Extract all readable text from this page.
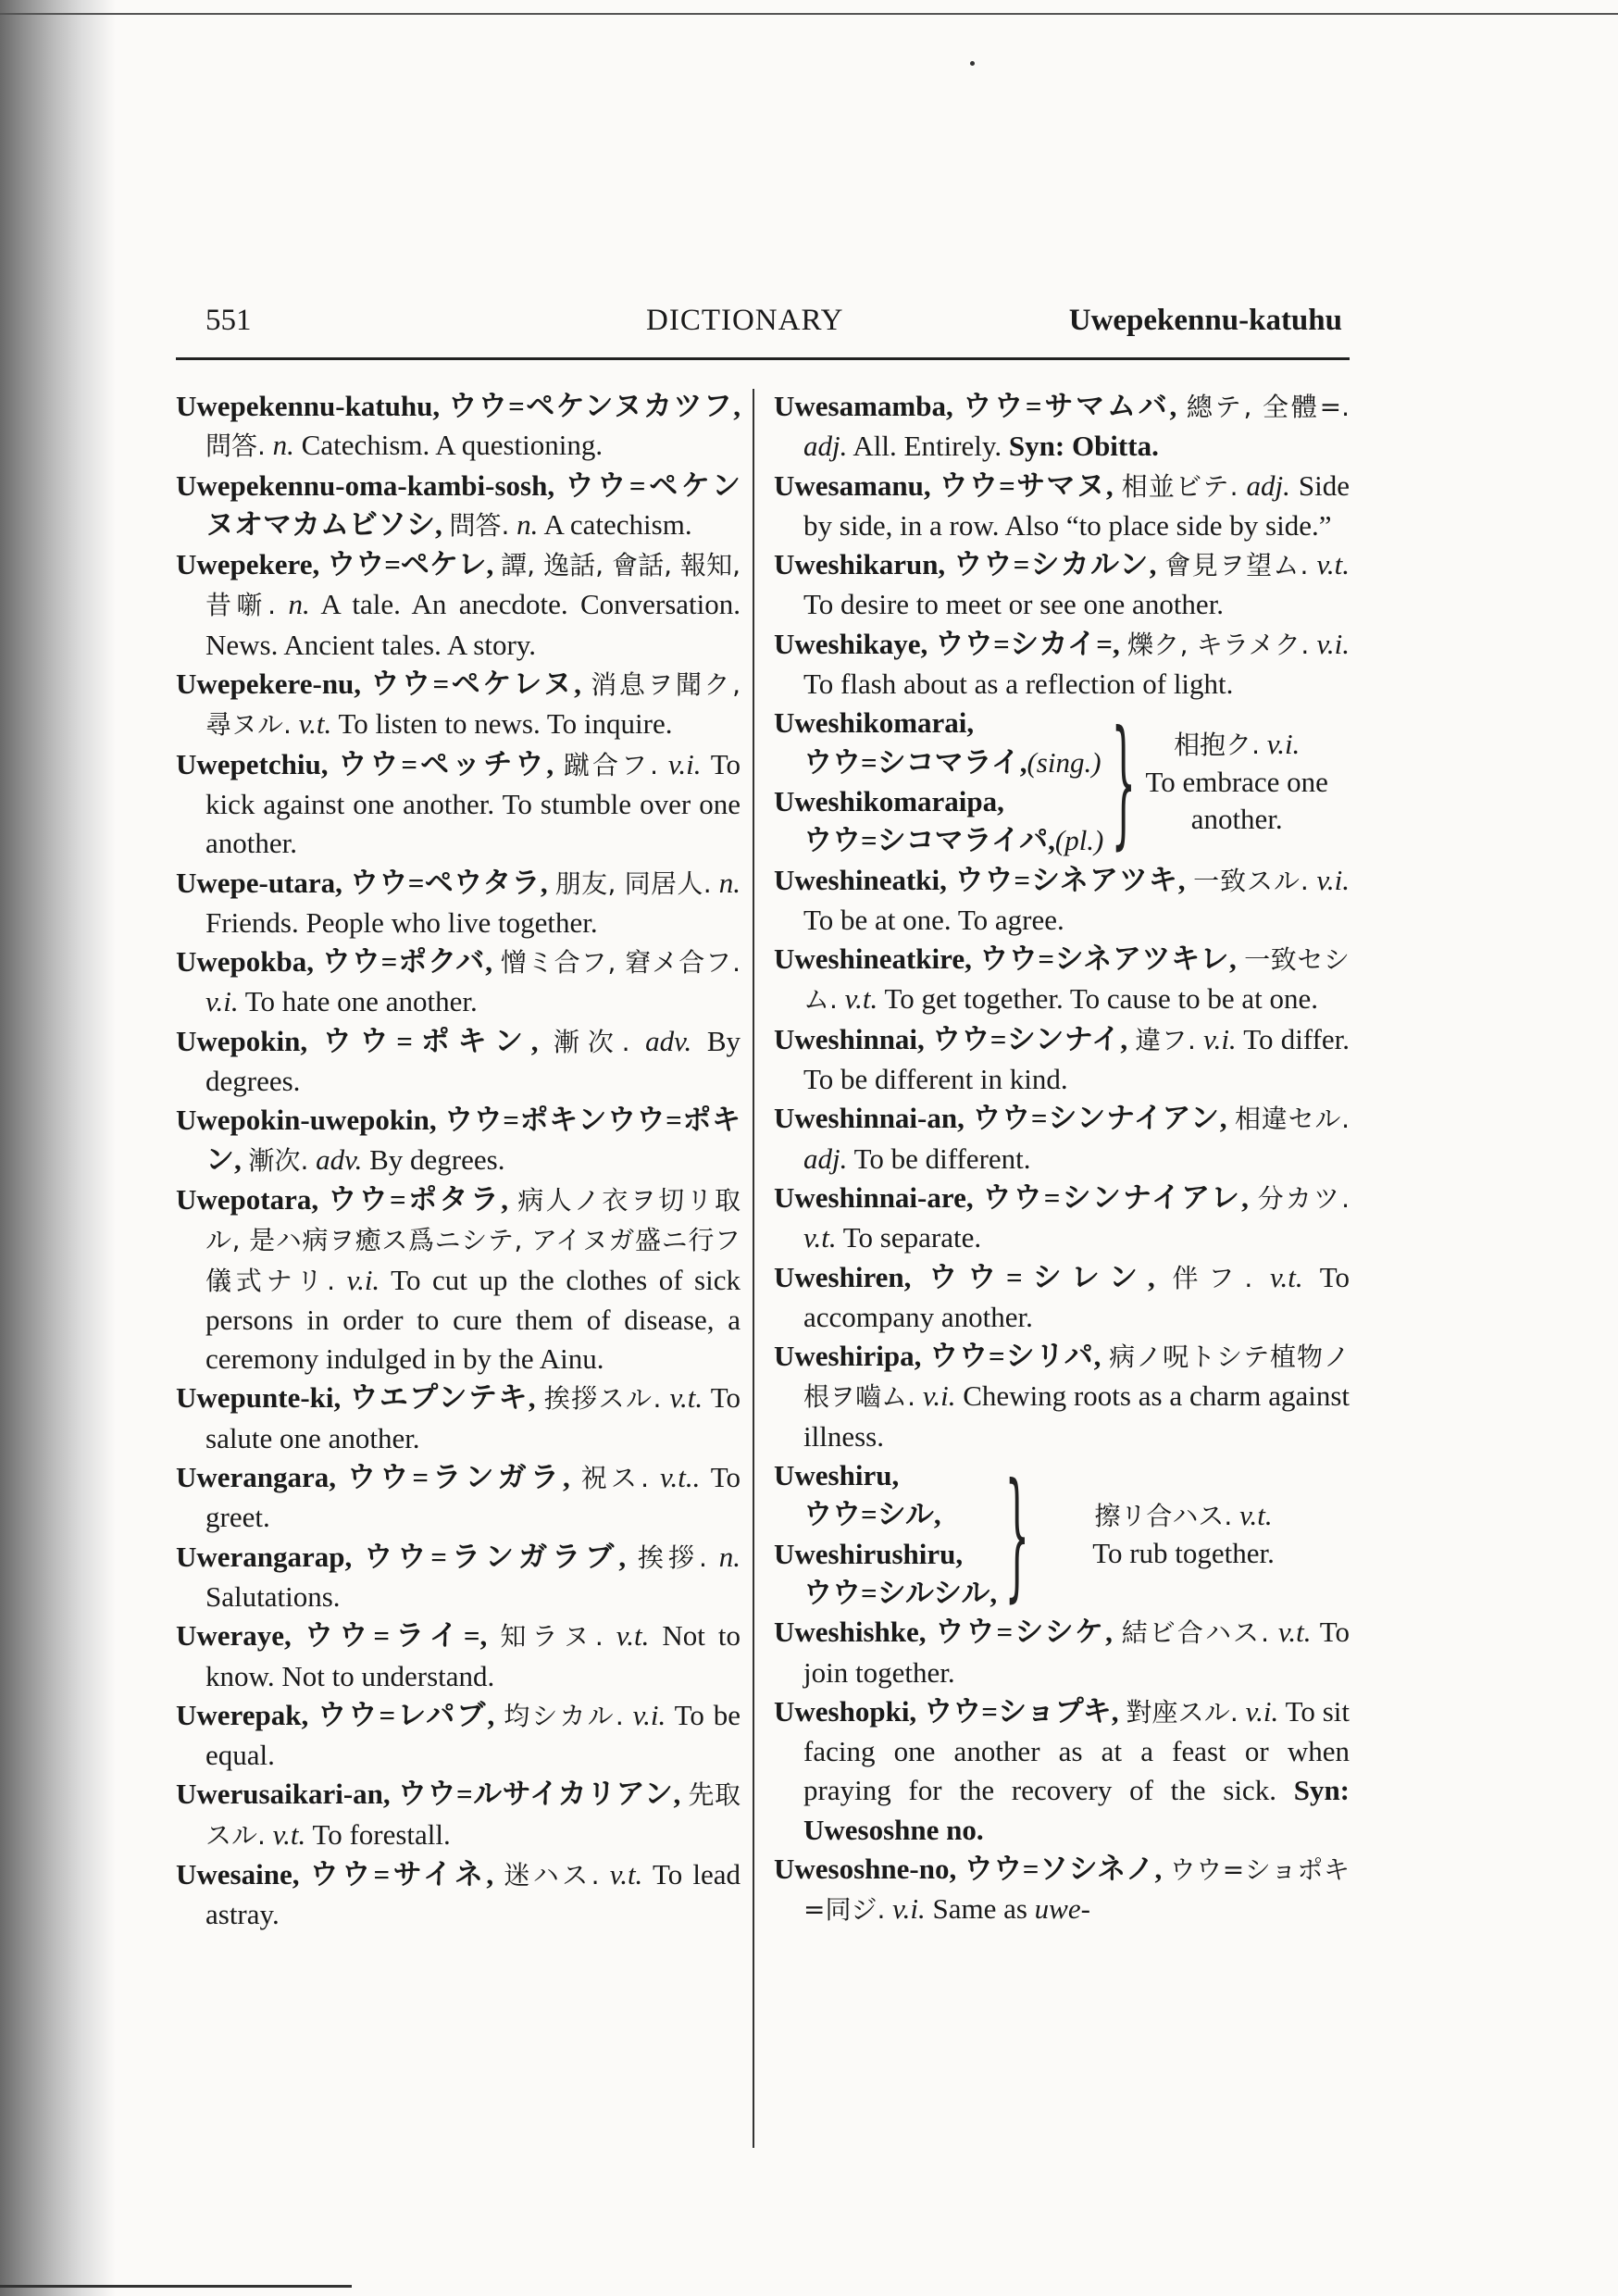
551	DICTIONARY	Uwepekennu-katuhu

Uwepekennu-katuhu, ウウ=ペケンヌカツフ, 問答. n. Catechism. A questioning.

Uwepekennu-oma-kambi-sosh, ウウ=ペケンヌオマカムビソシ, 問答. n. A catechism.

Uwepekere, ウウ=ペケレ, 譚, 逸話, 會話, 報知, 昔噺. n. A tale. An anecdote. Conversation. News. Ancient tales. A story.

Uwepekere-nu, ウウ=ペケレヌ, 消息ヲ聞ク, 尋ヌル. v.t. To listen to news. To inquire.

Uwepetchiu, ウウ=ペッチウ, 蹴合フ. v.i. To kick against one another. To stumble over one another.

Uwepe-utara, ウウ=ペウタラ, 朋友, 同居人. n. Friends. People who live together.

Uwepokba, ウウ=ポクバ, 憎ミ合フ, 窘メ合フ. v.i. To hate one another.

Uwepokin, ウウ=ポキン, 漸次. adv. By degrees.

Uwepokin-uwepokin, ウウ=ポキンウウ=ポキン, 漸次. adv. By degrees.

Uwepotara, ウウ=ポタラ, 病人ノ衣ヲ切リ取ル, 是ハ病ヲ癒ス爲ニシテ, アイヌガ盛ニ行フ儀式ナリ. v.i. To cut up the clothes of sick persons in order to cure them of disease, a ceremony indulged in by the Ainu.

Uwepunte-ki, ウエプンテキ, 挨拶スル. v.t. To salute one another.

Uwerangara, ウウ=ランガラ, 祝ス. v.t.. To greet.

Uwerangarap, ウウ=ランガラブ, 挨拶. n. Salutations.

Uweraye, ウウ=ライ=, 知ラヌ. v.t. Not to know. Not to understand.

Uwerepak, ウウ=レパブ, 均シカル. v.i. To be equal.

Uwerusaikari-an, ウウ=ルサイカリアン, 先取スル. v.t. To forestall.

Uwesaine, ウウ=サイネ, 迷ハス. v.t. To lead astray.

Uwesamamba, ウウ=サマムバ, 總テ, 全體=. adj. All. Entirely. Syn: Obitta.

Uwesamanu, ウウ=サマヌ, 相並ビテ. adj. Side by side, in a row. Also “to place side by side.”

Uweshikarun, ウウ=シカルン, 會見ヲ望ム. v.t. To desire to meet or see one another.

Uweshikaye, ウウ=シカイ=, 爍ク, キラメク. v.i. To flash about as a reflection of light.

Uweshikomarai,
ウウ=シコマライ,(sing.)
Uweshikomaraipa,
ウウ=シコマライパ,(pl.) }	相抱ク. v.i.
To embrace one another.

Uweshineatki, ウウ=シネアツキ, 一致スル. v.i. To be at one. To agree.

Uweshineatkire, ウウ=シネアツキレ, 一致セシム. v.t. To get together. To cause to be at one.

Uweshinnai, ウウ=シンナイ, 違フ. v.i. To differ. To be different in kind.

Uweshinnai-an, ウウ=シンナイアン, 相違セル. adj. To be different.

Uweshinnai-are, ウウ=シンナイアレ, 分カツ. v.t. To separate.

Uweshiren, ウウ=シレン, 伴フ. v.t. To accompany another.

Uweshiripa, ウウ=シリパ, 病ノ呪トシテ植物ノ根ヲ嚙ム. v.i. Chewing roots as a charm against illness.

Uweshiru,
ウウ=シル,
Uweshirushiru,
ウウ=シルシル, }	擦リ合ハス. v.t.
To rub together.

Uweshishke, ウウ=シシケ, 結ビ合ハス. v.t. To join together.

Uweshopki, ウウ=ショプキ, 對座スル. v.i. To sit facing one another as at a feast or when praying for the recovery of the sick. Syn: Uwesoshne no.

Uwesoshne-no, ウウ=ソシネノ, ウウ=ショポキ=同ジ. v.i. Same as uwe-
